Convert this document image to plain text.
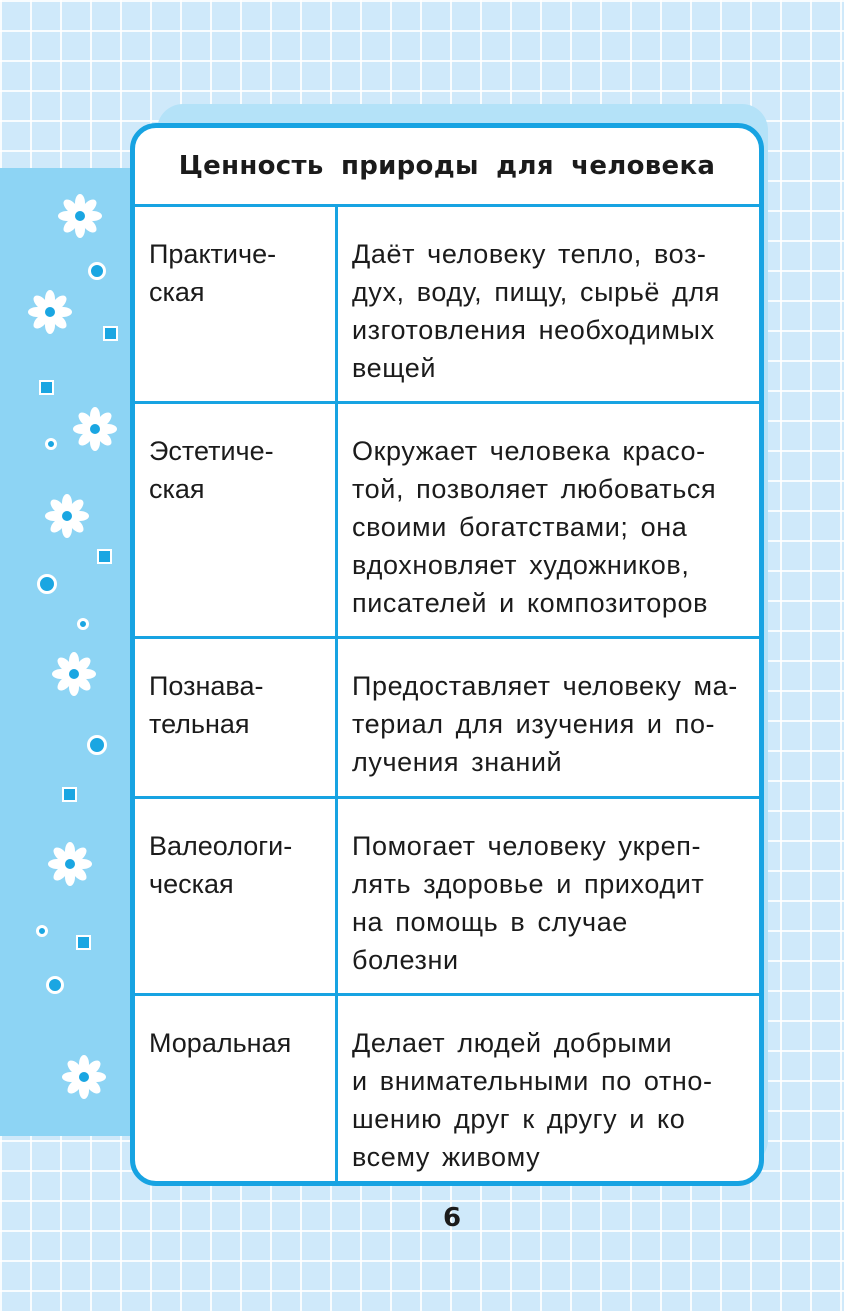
Ценность природы для человека
Практиче-
ская
Даёт человеку тепло, воз-
дух, воду, пищу, сырьё для
изготовления необходимых
вещей
Эстетиче-
ская
Окружает человека красо-
той, позволяет любоваться
своими богатствами; она
вдохновляет художников,
писателей и композиторов
Познава-
тельная
Предоставляет человеку ма-
териал для изучения и по-
лучения знаний
Валеологи-
ческая
Помогает человеку укреп-
лять здоровье и приходит
на помощь в случае
болезни
Моральная	Делает людей добрыми
и внимательными по отно-
шению друг к другу и ко
всему живому
6
